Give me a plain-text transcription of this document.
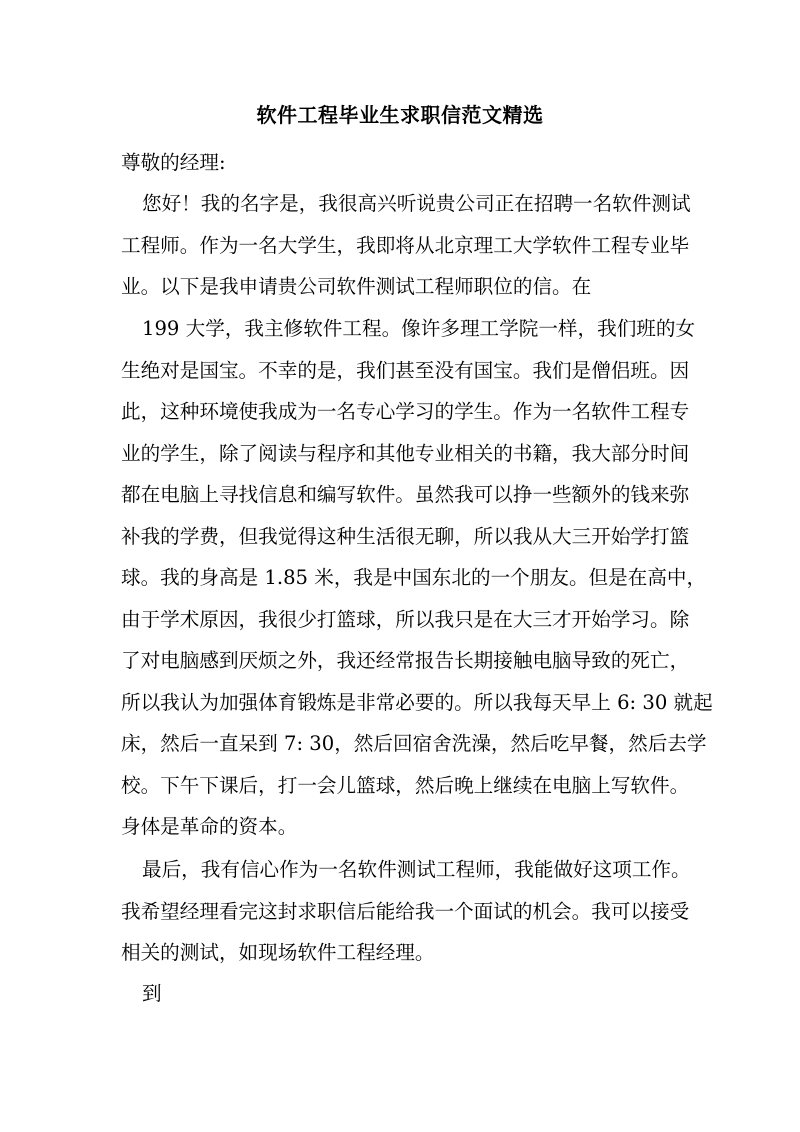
软件工程毕业生求职信范文精选
尊敬的经理:
您好！我的名字是，我很高兴听说贵公司正在招聘一名软件测试
工程师。作为一名大学生，我即将从北京理工大学软件工程专业毕
业。以下是我申请贵公司软件测试工程师职位的信。在
199 大学，我主修软件工程。像许多理工学院一样，我们班的女
生绝对是国宝。不幸的是，我们甚至没有国宝。我们是僧侣班。因
此，这种环境使我成为一名专心学习的学生。作为一名软件工程专
业的学生，除了阅读与程序和其他专业相关的书籍，我大部分时间
都在电脑上寻找信息和编写软件。虽然我可以挣一些额外的钱来弥
补我的学费，但我觉得这种生活很无聊，所以我从大三开始学打篮
球。我的身高是 1.85 米，我是中国东北的一个朋友。但是在高中，
由于学术原因，我很少打篮球，所以我只是在大三才开始学习。除
了对电脑感到厌烦之外，我还经常报告长期接触电脑导致的死亡，
所以我认为加强体育锻炼是非常必要的。所以我每天早上 6: 30 就起
床，然后一直呆到 7: 30，然后回宿舍洗澡，然后吃早餐，然后去学
校。下午下课后，打一会儿篮球，然后晚上继续在电脑上写软件。
身体是革命的资本。
最后，我有信心作为一名软件测试工程师，我能做好这项工作。
我希望经理看完这封求职信后能给我一个面试的机会。我可以接受
相关的测试，如现场软件工程经理。
到
